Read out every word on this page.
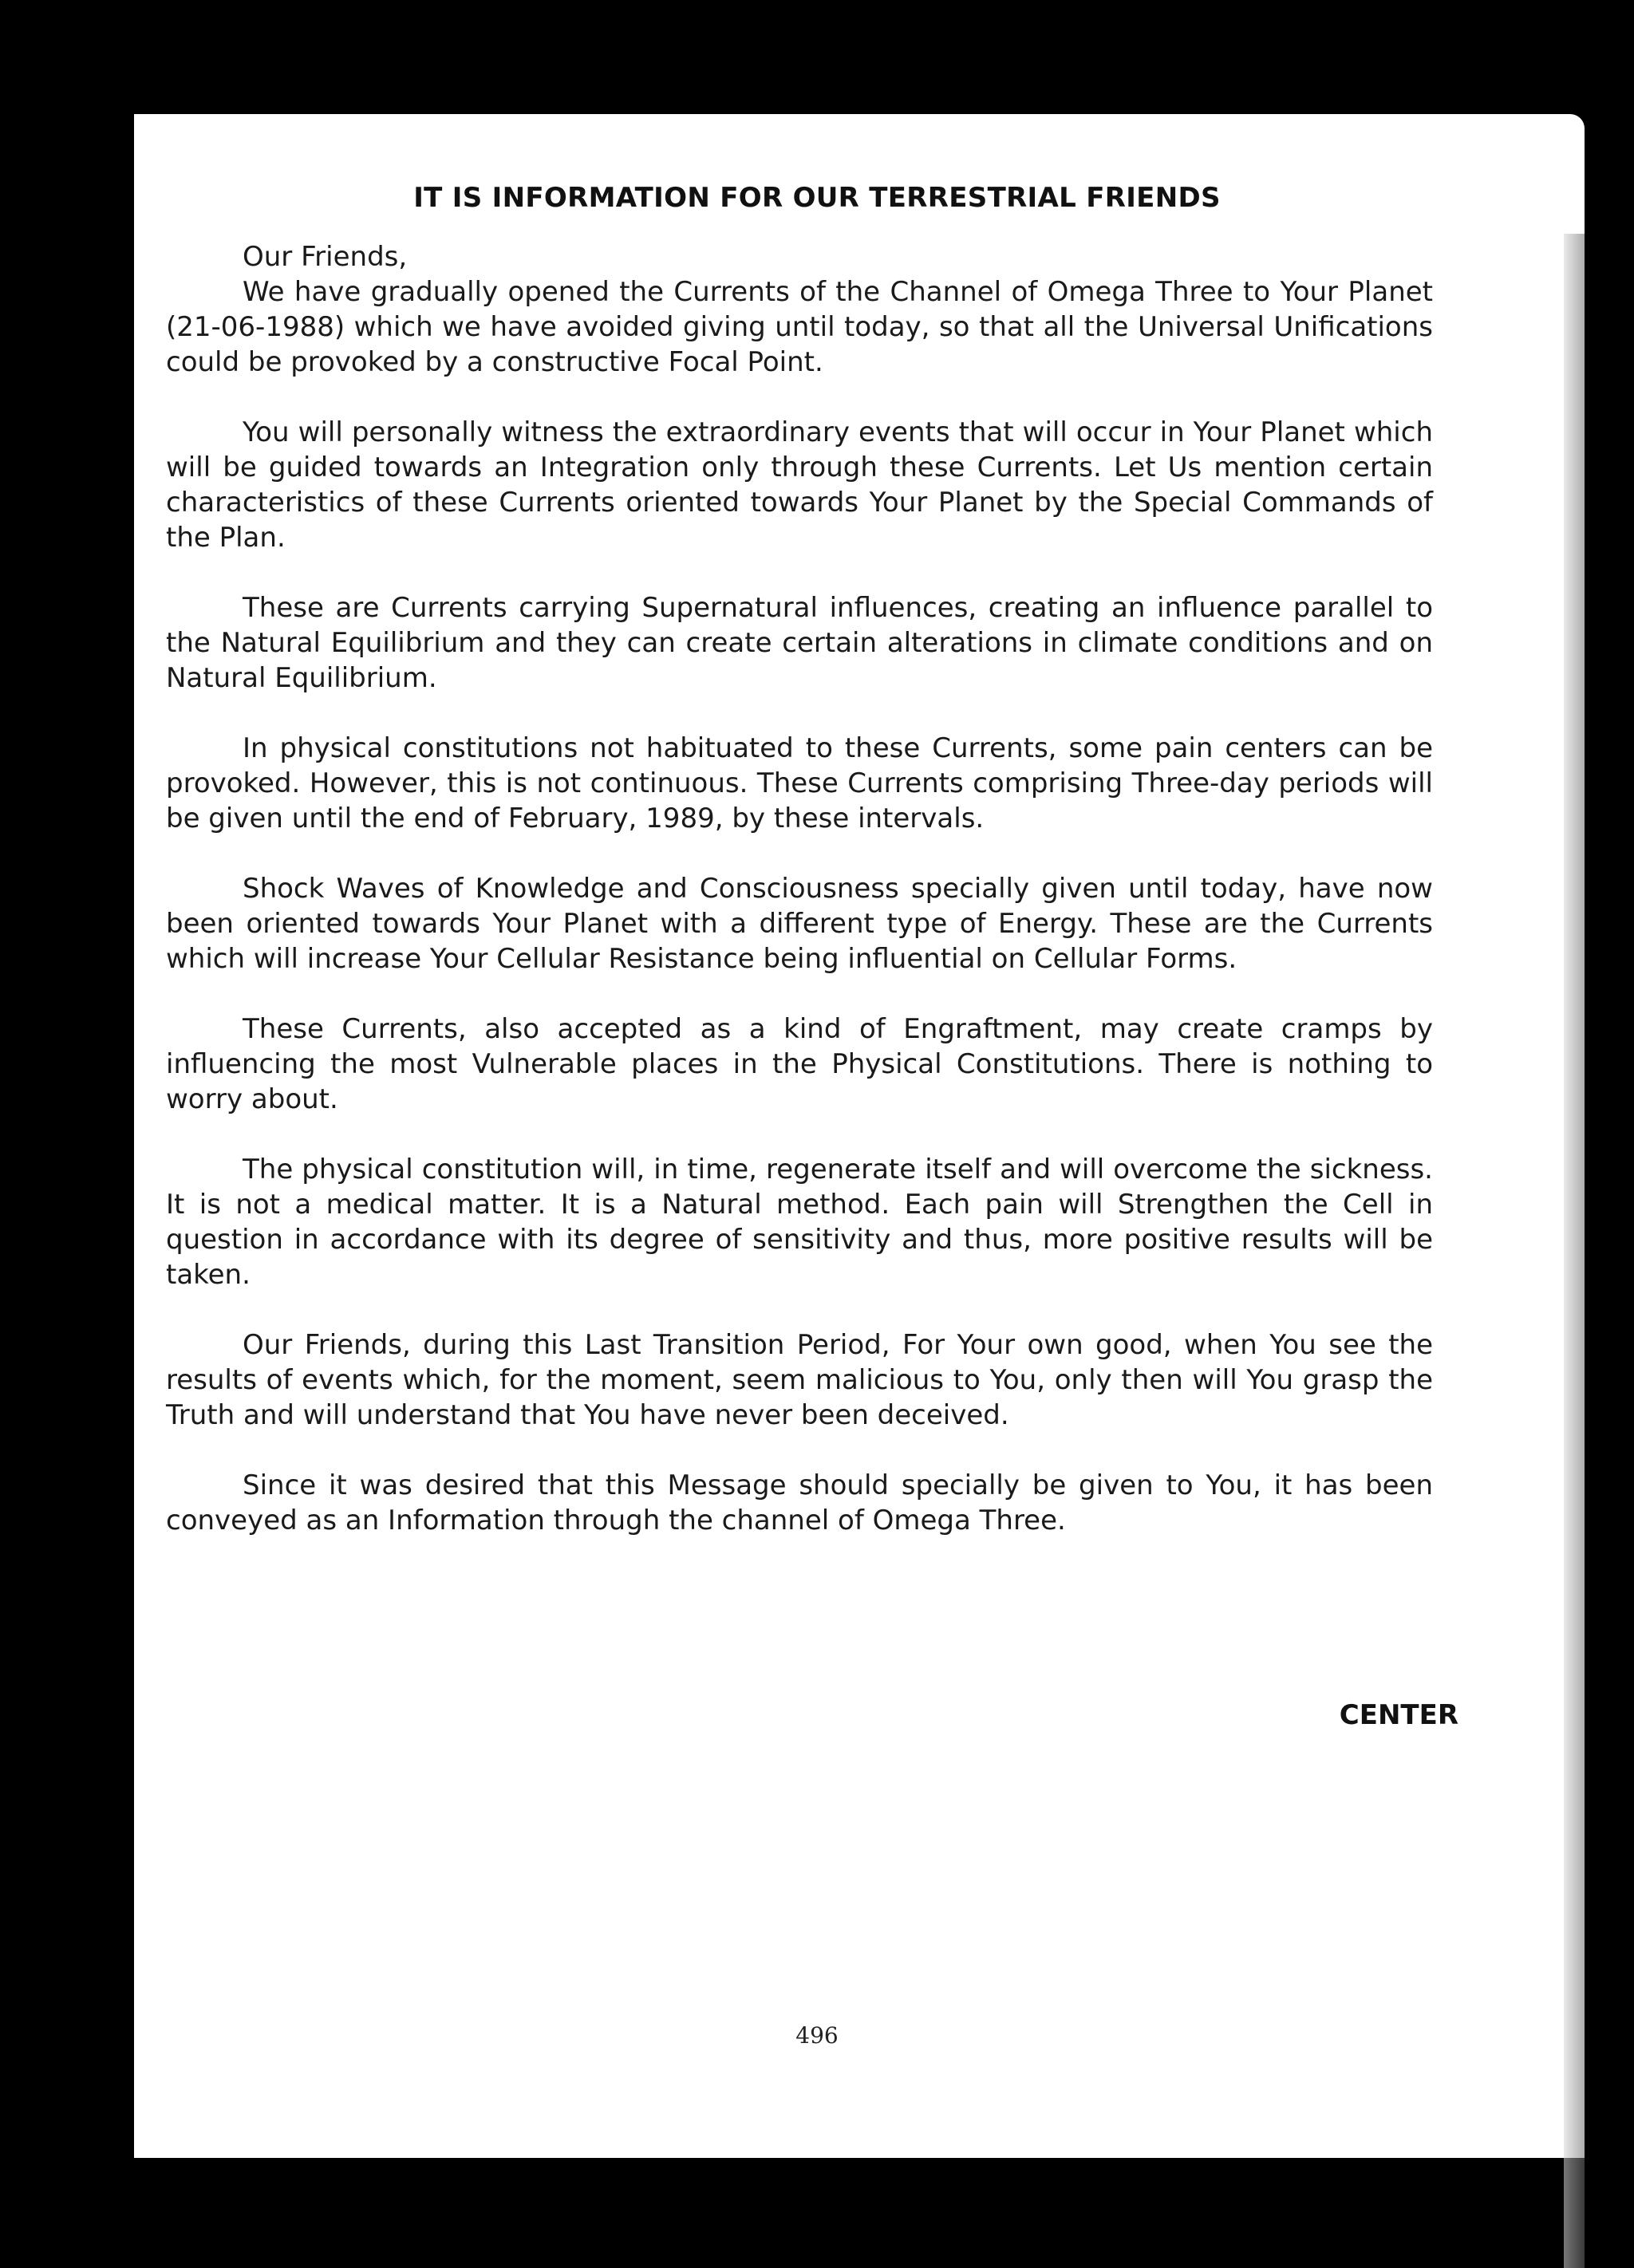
IT IS INFORMATION FOR OUR TERRESTRIAL FRIENDS

Our Friends,

We have gradually opened the Currents of the Channel of Omega Three to Your Planet (21-06-1988) which we have avoided giving until today, so that all the Universal Unifications could be provoked by a constructive Focal Point.

You will personally witness the extraordinary events that will occur in Your Planet which will be guided towards an Integration only through these Currents. Let Us mention certain characteristics of these Currents oriented towards Your Planet by the Special Commands of the Plan.

These are Currents carrying Supernatural influences, creating an influence parallel to the Natural Equilibrium and they can create certain alterations in climate conditions and on Natural Equilibrium.

In physical constitutions not habituated to these Currents, some pain centers can be provoked. However, this is not continuous. These Currents comprising Three-day periods will be given until the end of February, 1989, by these intervals.

Shock Waves of Knowledge and Consciousness specially given until today, have now been oriented towards Your Planet with a different type of Energy. These are the Currents which will increase Your Cellular Resistance being influential on Cellular Forms.

These Currents, also accepted as a kind of Engraftment, may create cramps by influencing the most Vulnerable places in the Physical Constitutions. There is nothing to worry about.

The physical constitution will, in time, regenerate itself and will overcome the sickness. It is not a medical matter. It is a Natural method. Each pain will Strengthen the Cell in question in accordance with its degree of sensitivity and thus, more positive results will be taken.

Our Friends, during this Last Transition Period, For Your own good, when You see the results of events which, for the moment, seem malicious to You, only then will You grasp the Truth and will understand that You have never been deceived.

Since it was desired that this Message should specially be given to You, it has been conveyed as an Information through the channel of Omega Three.

CENTER
496
